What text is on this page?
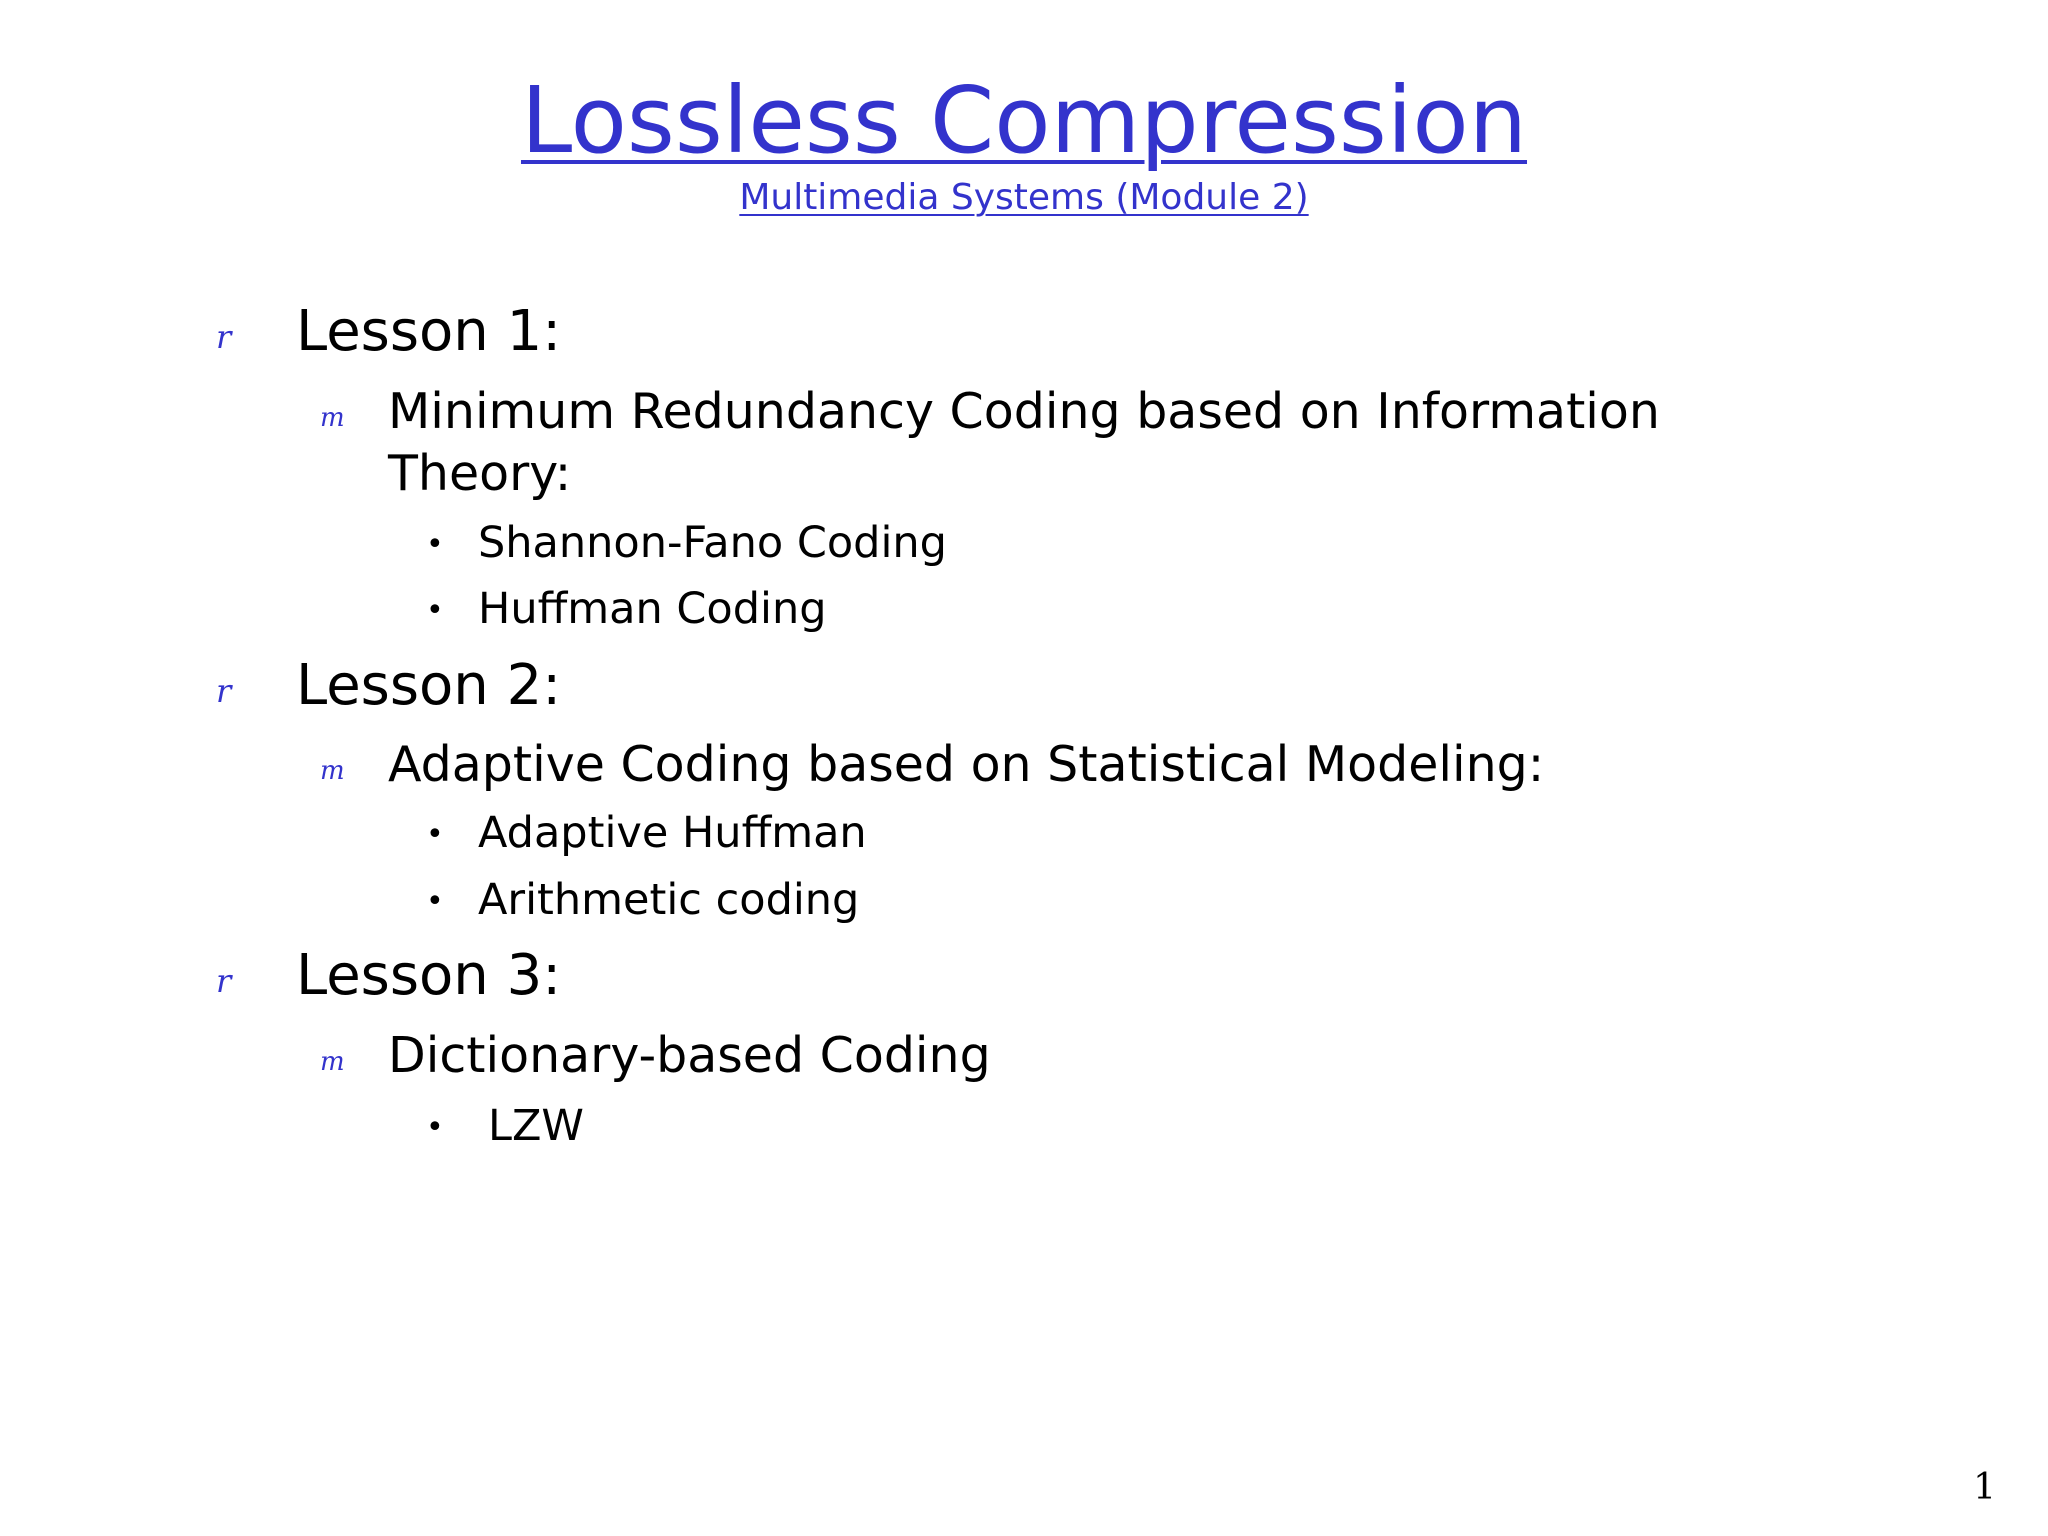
Lossless Compression
Multimedia Systems (Module 2)
r Lesson 1:
m Minimum Redundancy Coding based on Information
Theory:
• Shannon-Fano Coding
• Huffman Coding
r Lesson 2:
m Adaptive Coding based on Statistical Modeling:
• Adaptive Huffman
• Arithmetic coding
r Lesson 3:
m Dictionary-based Coding
• LZW
1
